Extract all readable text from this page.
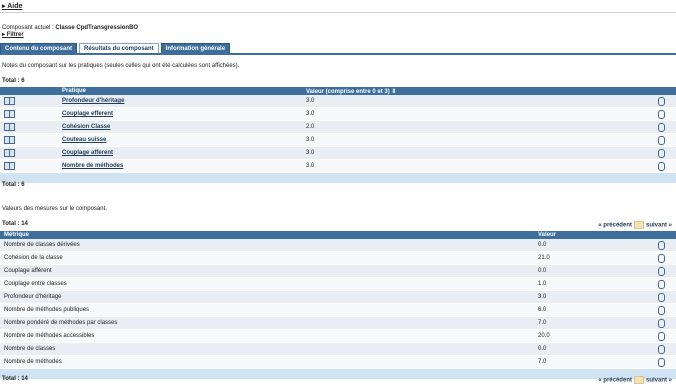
▸ Aide
Composant actuel : Classe CpdTransgressionBO
▸ Filtrer
Contenu du composant	Résultats du composant	Information générale
Notes du composant sur les pratiques (seules celles qui ont été calculées sont affichées).
Total : 6
	Pratique	Valeur (comprise entre 0 et 3) ⇕	
	Profondeur d'héritage	3.0	
	Couplage efferent	3.0	
	Cohésion Classe	2.0	
	Couteau suisse	3.0	
	Couplage afferent	3.0	
	Nombre de méthodes	3.0	

Total : 6
Valeurs des mesures sur le composant.
Total : 14	« précédent suivant »
Métrique	Valeur	
Nombre de classes dérivées	0.0	
Cohésion de la classe	21.0	
Couplage afférent	0.0	
Couplage entre classes	1.0	
Profondeur d'héritage	3.0	
Nombre de méthodes publiques	6.0	
Nombre pondéré de méthodes par classes	7.0	
Nombre de méthodes accessibles	20.0	
Nombre de classes	0.0	
Nombre de méthodes	7.0	

Total : 14	« précédent suivant »
